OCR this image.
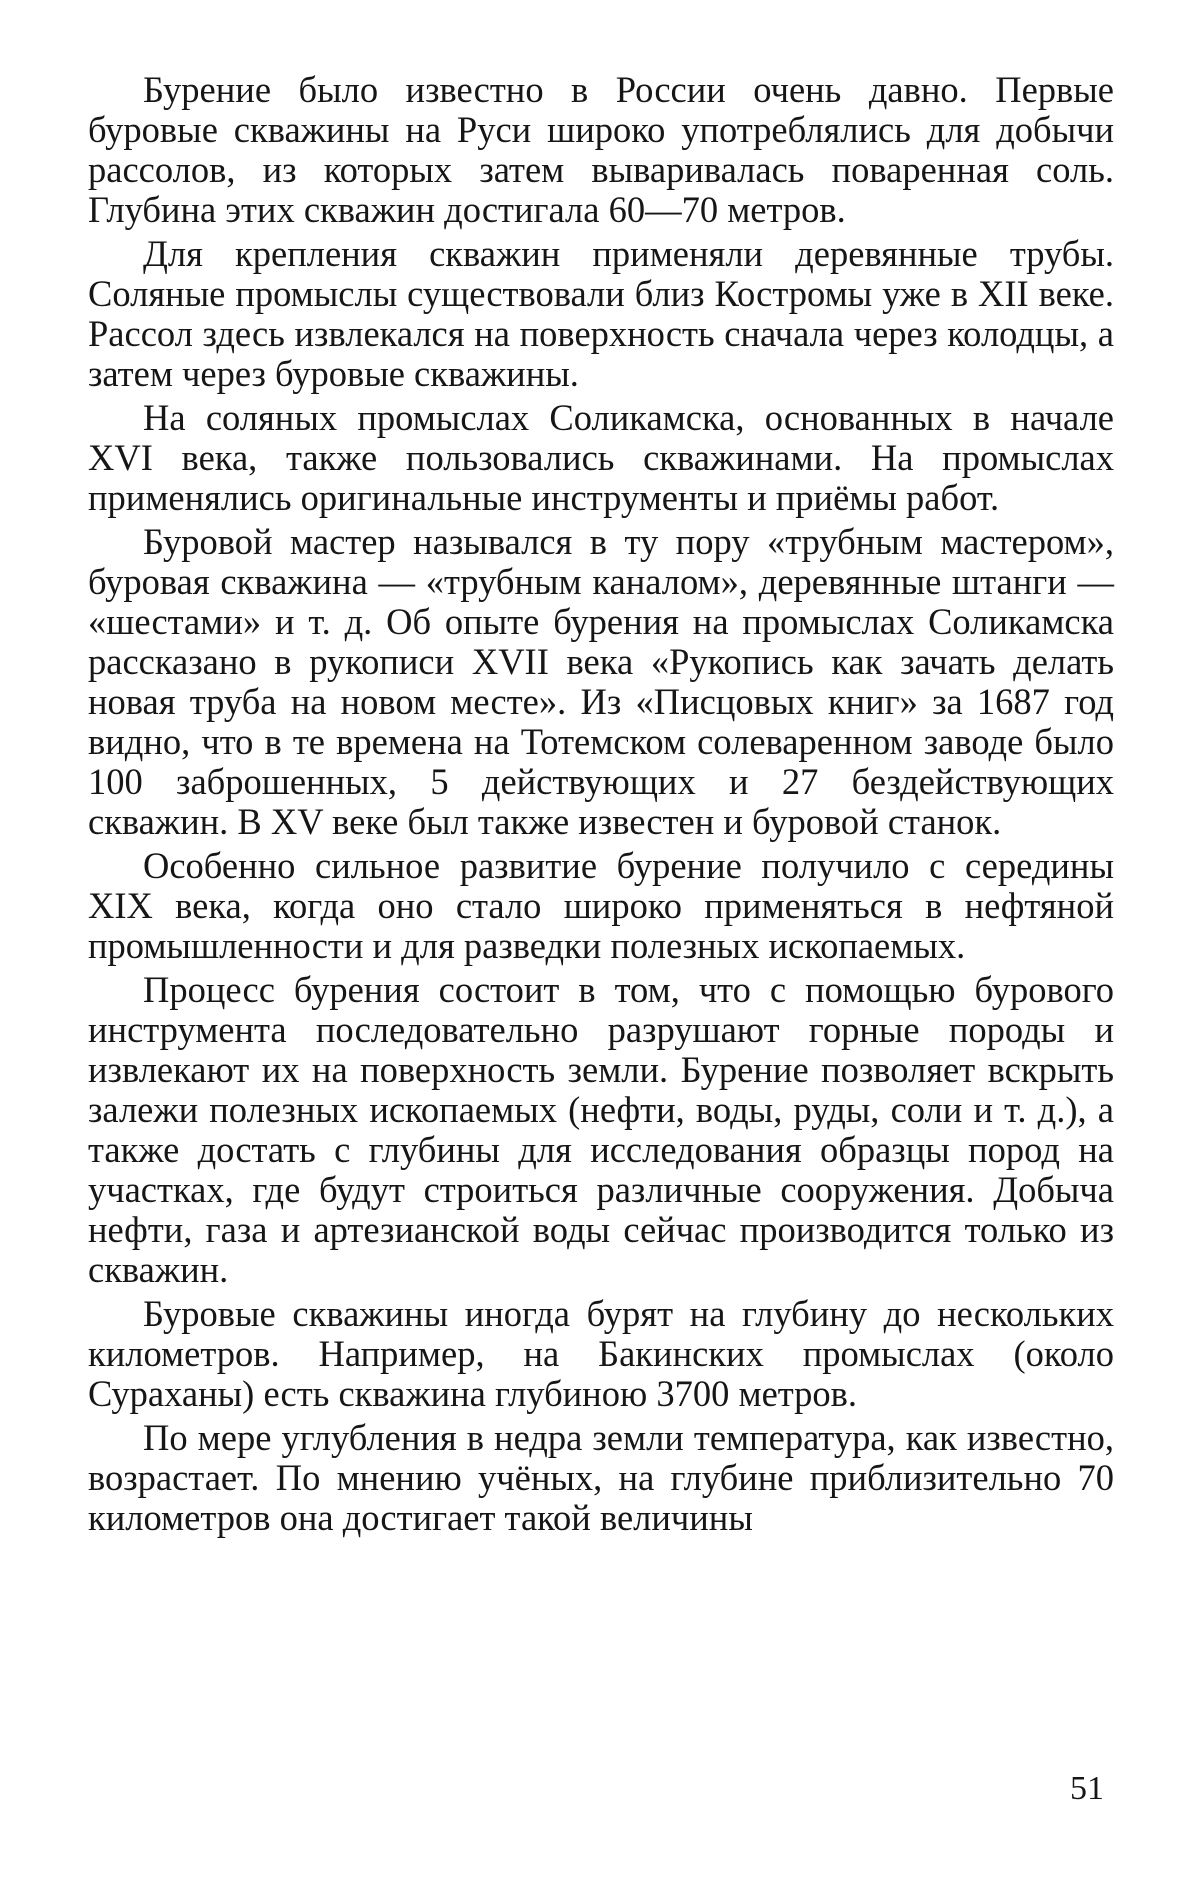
Бурение было известно в России очень давно. Первые буровые скважины на Руси широко употреблялись для добычи рассолов, из которых затем вываривалась поваренная соль. Глубина этих скважин достигала 60—70 метров.

Для крепления скважин применяли деревянные трубы. Соляные промыслы существовали близ Костромы уже в XII веке. Рассол здесь извлекался на поверхность сначала через колодцы, а затем через буровые скважины.

На соляных промыслах Соликамска, основанных в начале XVI века, также пользовались скважинами. На промыслах применялись оригинальные инструменты и приёмы работ.

Буровой мастер назывался в ту пору «трубным мастером», буровая скважина — «трубным каналом», деревянные штанги — «шестами» и т. д. Об опыте бурения на промыслах Соликамска рассказано в рукописи XVII века «Рукопись как зачать делать новая труба на новом месте». Из «Писцовых книг» за 1687 год видно, что в те времена на Тотемском солеваренном заводе было 100 заброшенных, 5 действующих и 27 бездействующих скважин. В XV веке был также известен и буровой станок.

Особенно сильное развитие бурение получило с середины XIX века, когда оно стало широко применяться в нефтяной промышленности и для разведки полезных ископаемых.

Процесс бурения состоит в том, что с помощью бурового инструмента последовательно разрушают горные породы и извлекают их на поверхность земли. Бурение позволяет вскрыть залежи полезных ископаемых (нефти, воды, руды, соли и т. д.), а также достать с глубины для исследования образцы пород на участках, где будут строиться различные сооружения. Добыча нефти, газа и артезианской воды сейчас производится только из скважин.

Буровые скважины иногда бурят на глубину до нескольких километров. Например, на Бакинских промыслах (около Сураханы) есть скважина глубиною 3700 метров.

По мере углубления в недра земли температура, как известно, возрастает. По мнению учёных, на глубине приблизительно 70 километров она достигает такой величины

51
